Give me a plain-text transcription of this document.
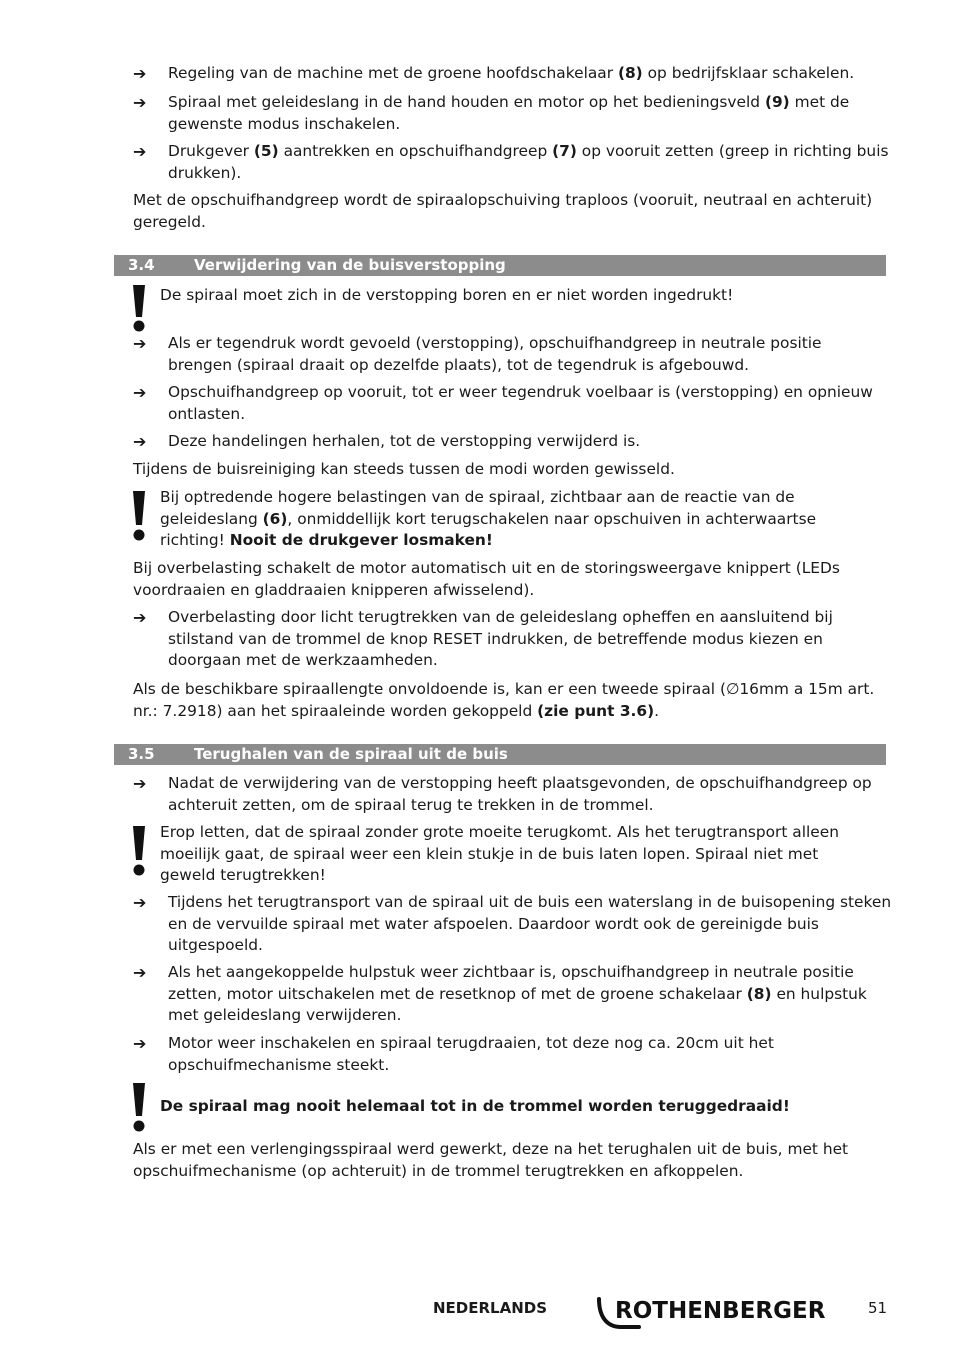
➔ Regeling van de machine met de groene hoofdschakelaar (8) op bedrijfsklaar schakelen.
➔ Spiraal met geleideslang in de hand houden en motor op het bedieningsveld (9) met de
gewenste modus inschakelen.
➔ Drukgever (5) aantrekken en opschuifhandgreep (7) op vooruit zetten (greep in richting buis
drukken).
Met de opschuifhandgreep wordt de spiraalopschuiving traploos (vooruit, neutraal en achteruit)
geregeld.
3.4	Verwijdering van de buisverstopping
De spiraal moet zich in de verstopping boren en er niet worden ingedrukt!
➔ Als er tegendruk wordt gevoeld (verstopping), opschuifhandgreep in neutrale positie
brengen (spiraal draait op dezelfde plaats), tot de tegendruk is afgebouwd.
➔ Opschuifhandgreep op vooruit, tot er weer tegendruk voelbaar is (verstopping) en opnieuw
ontlasten.
➔ Deze handelingen herhalen, tot de verstopping verwijderd is.
Tijdens de buisreiniging kan steeds tussen de modi worden gewisseld.
Bij optredende hogere belastingen van de spiraal, zichtbaar aan de reactie van de
geleideslang (6), onmiddellijk kort terugschakelen naar opschuiven in achterwaartse
richting! Nooit de drukgever losmaken!
Bij overbelasting schakelt de motor automatisch uit en de storingsweergave knippert (LEDs
voordraaien en gladdraaien knipperen afwisselend).
➔ Overbelasting door licht terugtrekken van de geleideslang opheffen en aansluitend bij
stilstand van de trommel de knop RESET indrukken, de betreffende modus kiezen en
doorgaan met de werkzaamheden.
Als de beschikbare spiraallengte onvoldoende is, kan er een tweede spiraal (∅16mm a 15m art.
nr.: 7.2918) aan het spiraaleinde worden gekoppeld (zie punt 3.6).
3.5	Terughalen van de spiraal uit de buis
➔ Nadat de verwijdering van de verstopping heeft plaatsgevonden, de opschuifhandgreep op
achteruit zetten, om de spiraal terug te trekken in de trommel.
Erop letten, dat de spiraal zonder grote moeite terugkomt. Als het terugtransport alleen
moeilijk gaat, de spiraal weer een klein stukje in de buis laten lopen. Spiraal niet met
geweld terugtrekken!
➔ Tijdens het terugtransport van de spiraal uit de buis een waterslang in de buisopening steken
en de vervuilde spiraal met water afspoelen. Daardoor wordt ook de gereinigde buis
uitgespoeld.
➔ Als het aangekoppelde hulpstuk weer zichtbaar is, opschuifhandgreep in neutrale positie
zetten, motor uitschakelen met de resetknop of met de groene schakelaar (8) en hulpstuk
met geleideslang verwijderen.
➔ Motor weer inschakelen en spiraal terugdraaien, tot deze nog ca. 20cm uit het
opschuifmechanisme steekt.
De spiraal mag nooit helemaal tot in de trommel worden teruggedraaid!
Als er met een verlengingsspiraal werd gewerkt, deze na het terughalen uit de buis, met het
opschuifmechanisme (op achteruit) in de trommel terugtrekken en afkoppelen.
NEDERLANDS	ROTHENBERGER	51
